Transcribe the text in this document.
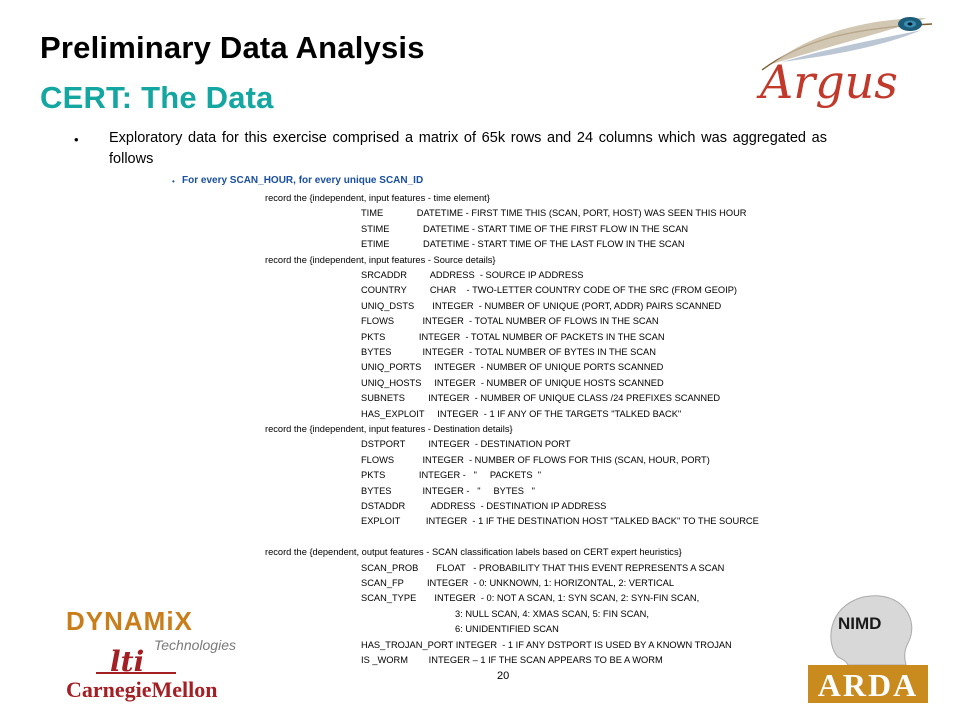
Preliminary Data Analysis
CERT: The Data	Argus
• Exploratory data for this exercise comprised a matrix of 65k rows and 24 columns which was aggregated as follows
• For every SCAN_HOUR, for every unique SCAN_ID
record the {independent, input features - time element}
TIME             DATETIME - FIRST TIME THIS (SCAN, PORT, HOST) WAS SEEN THIS HOUR
STIME             DATETIME - START TIME OF THE FIRST FLOW IN THE SCAN
ETIME             DATETIME - START TIME OF THE LAST FLOW IN THE SCAN
record the {independent, input features - Source details}
SRCADDR         ADDRESS  - SOURCE IP ADDRESS
COUNTRY         CHAR    - TWO-LETTER COUNTRY CODE OF THE SRC (FROM GEOIP)
UNIQ_DSTS       INTEGER  - NUMBER OF UNIQUE (PORT, ADDR) PAIRS SCANNED
FLOWS           INTEGER  - TOTAL NUMBER OF FLOWS IN THE SCAN
PKTS             INTEGER  - TOTAL NUMBER OF PACKETS IN THE SCAN
BYTES            INTEGER  - TOTAL NUMBER OF BYTES IN THE SCAN
UNIQ_PORTS     INTEGER  - NUMBER OF UNIQUE PORTS SCANNED
UNIQ_HOSTS     INTEGER  - NUMBER OF UNIQUE HOSTS SCANNED
SUBNETS         INTEGER  - NUMBER OF UNIQUE CLASS /24 PREFIXES SCANNED
HAS_EXPLOIT     INTEGER  - 1 IF ANY OF THE TARGETS "TALKED BACK"
record the {independent, input features - Destination details}
DSTPORT         INTEGER  - DESTINATION PORT
FLOWS           INTEGER  - NUMBER OF FLOWS FOR THIS (SCAN, HOUR, PORT)
PKTS             INTEGER -   "     PACKETS  "
BYTES            INTEGER -   "     BYTES   "
DSTADDR          ADDRESS  - DESTINATION IP ADDRESS
EXPLOIT          INTEGER  - 1 IF THE DESTINATION HOST "TALKED BACK" TO THE SOURCE
record the {dependent, output features - SCAN classification labels based on CERT expert heuristics}
SCAN_PROB       FLOAT   - PROBABILITY THAT THIS EVENT REPRESENTS A SCAN
SCAN_FP         INTEGER  - 0: UNKNOWN, 1: HORIZONTAL, 2: VERTICAL
SCAN_TYPE       INTEGER  - 0: NOT A SCAN, 1: SYN SCAN, 2: SYN-FIN SCAN,
3: NULL SCAN, 4: XMAS SCAN, 5: FIN SCAN,
6: UNIDENTIFIED SCAN
HAS_TROJAN_PORT INTEGER  - 1 IF ANY DSTPORT IS USED BY A KNOWN TROJAN
IS _WORM        INTEGER – 1 IF THE SCAN APPEARS TO BE A WORM
20
DYNAMiX
Technologies
lti
CarnegieMellon
NIMD
ARDA
